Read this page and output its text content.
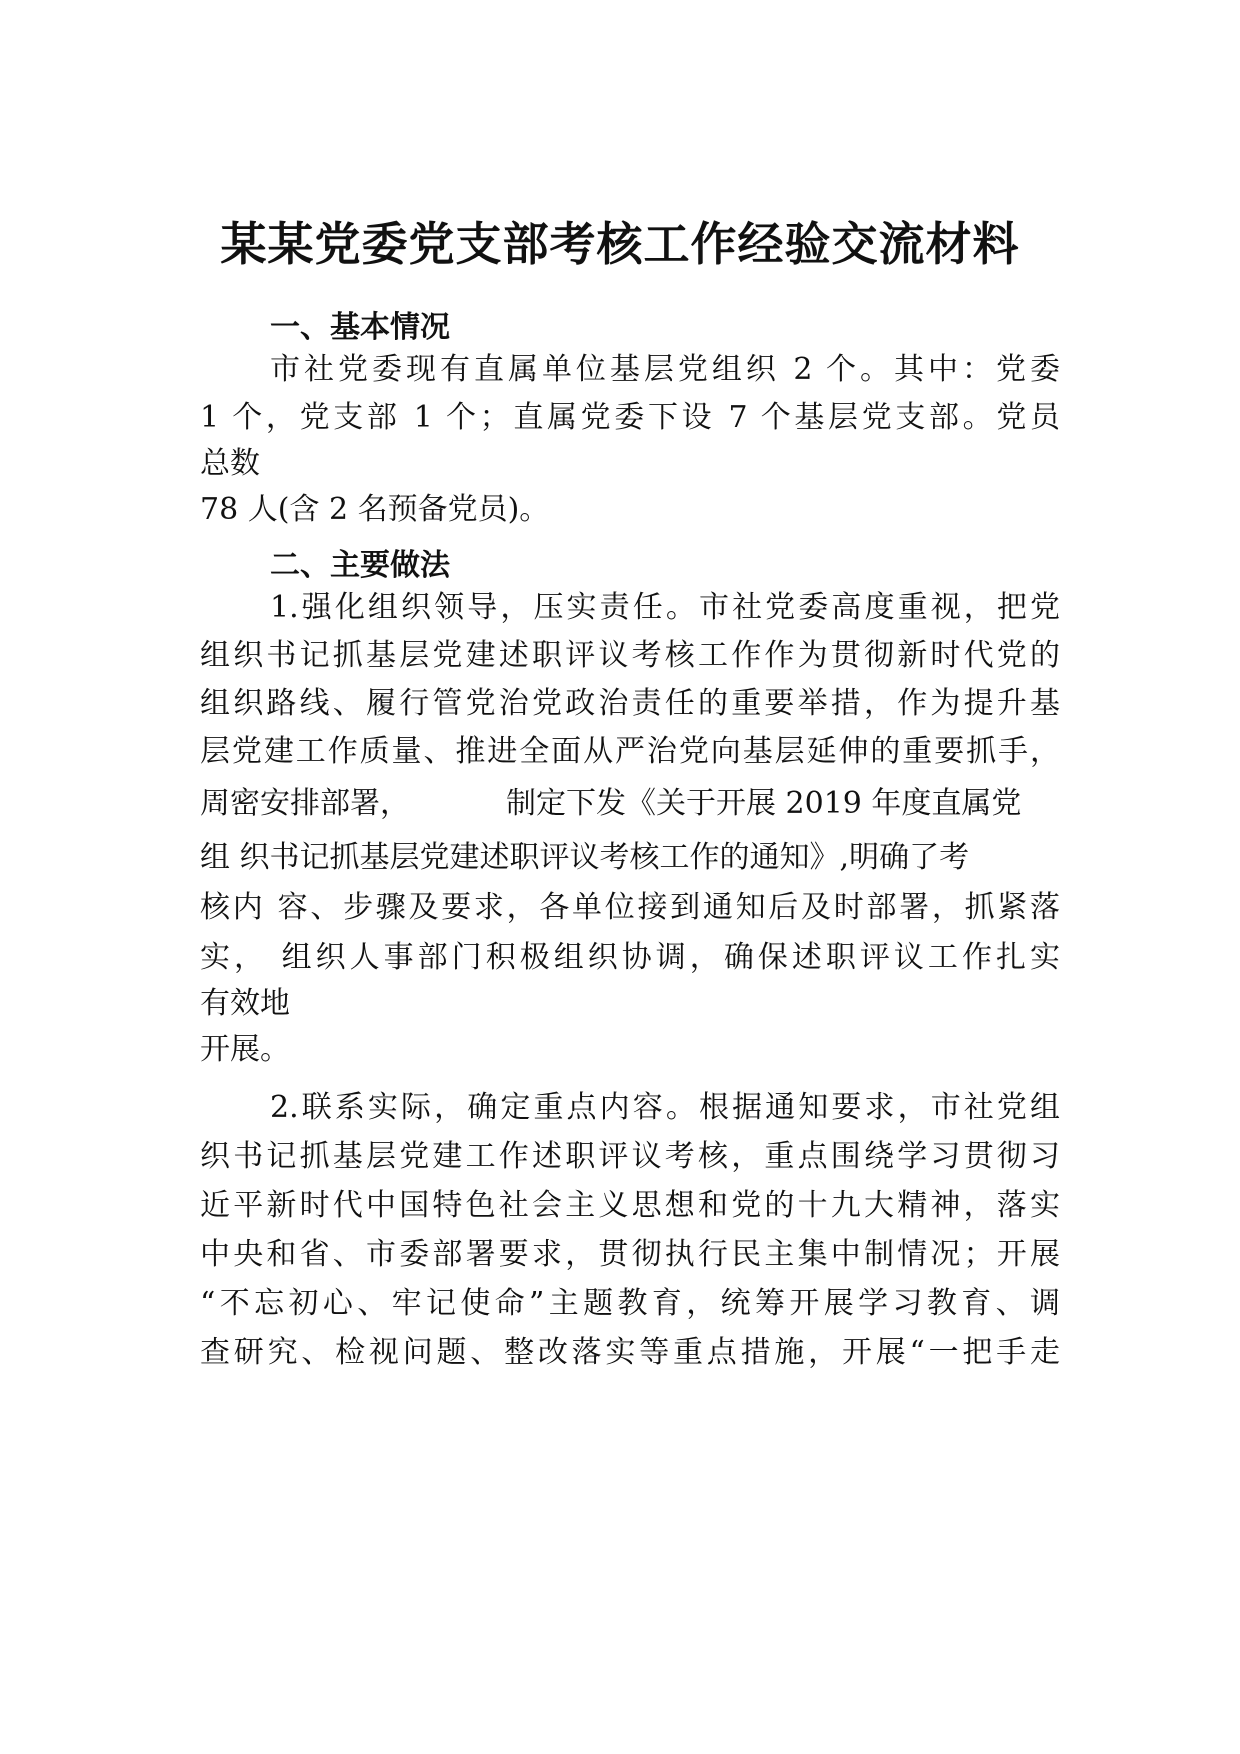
某某党委党支部考核工作经验交流材料
一、基本情况
市社党委现有直属单位基层党组织 2 个。其中：党委
1 个，党支部 1 个；直属党委下设 7 个基层党支部。党员
总数
78 人(含 2 名预备党员)。
二、主要做法
1.强化组织领导，压实责任。市社党委高度重视，把党
组织书记抓基层党建述职评议考核工作作为贯彻新时代党的
组织路线、履行管党治党政治责任的重要举措，作为提升基
层党建工作质量、推进全面从严治党向基层延伸的重要抓手，
周密安排部署，	制定下发《关于开展 2019 年度直属党
组 织书记抓基层党建述职评议考核工作的通知》,明确了考
核内 容、步骤及要求，各单位接到通知后及时部署，抓紧落
实， 组织人事部门积极组织协调，确保述职评议工作扎实
有效地
开展。
2.联系实际，确定重点内容。根据通知要求，市社党组
织书记抓基层党建工作述职评议考核，重点围绕学习贯彻习
近平新时代中国特色社会主义思想和党的十九大精神，落实
中央和省、市委部署要求，贯彻执行民主集中制情况；开展
“不忘初心、牢记使命”主题教育，统筹开展学习教育、调
查研究、检视问题、整改落实等重点措施，开展“一把手走
